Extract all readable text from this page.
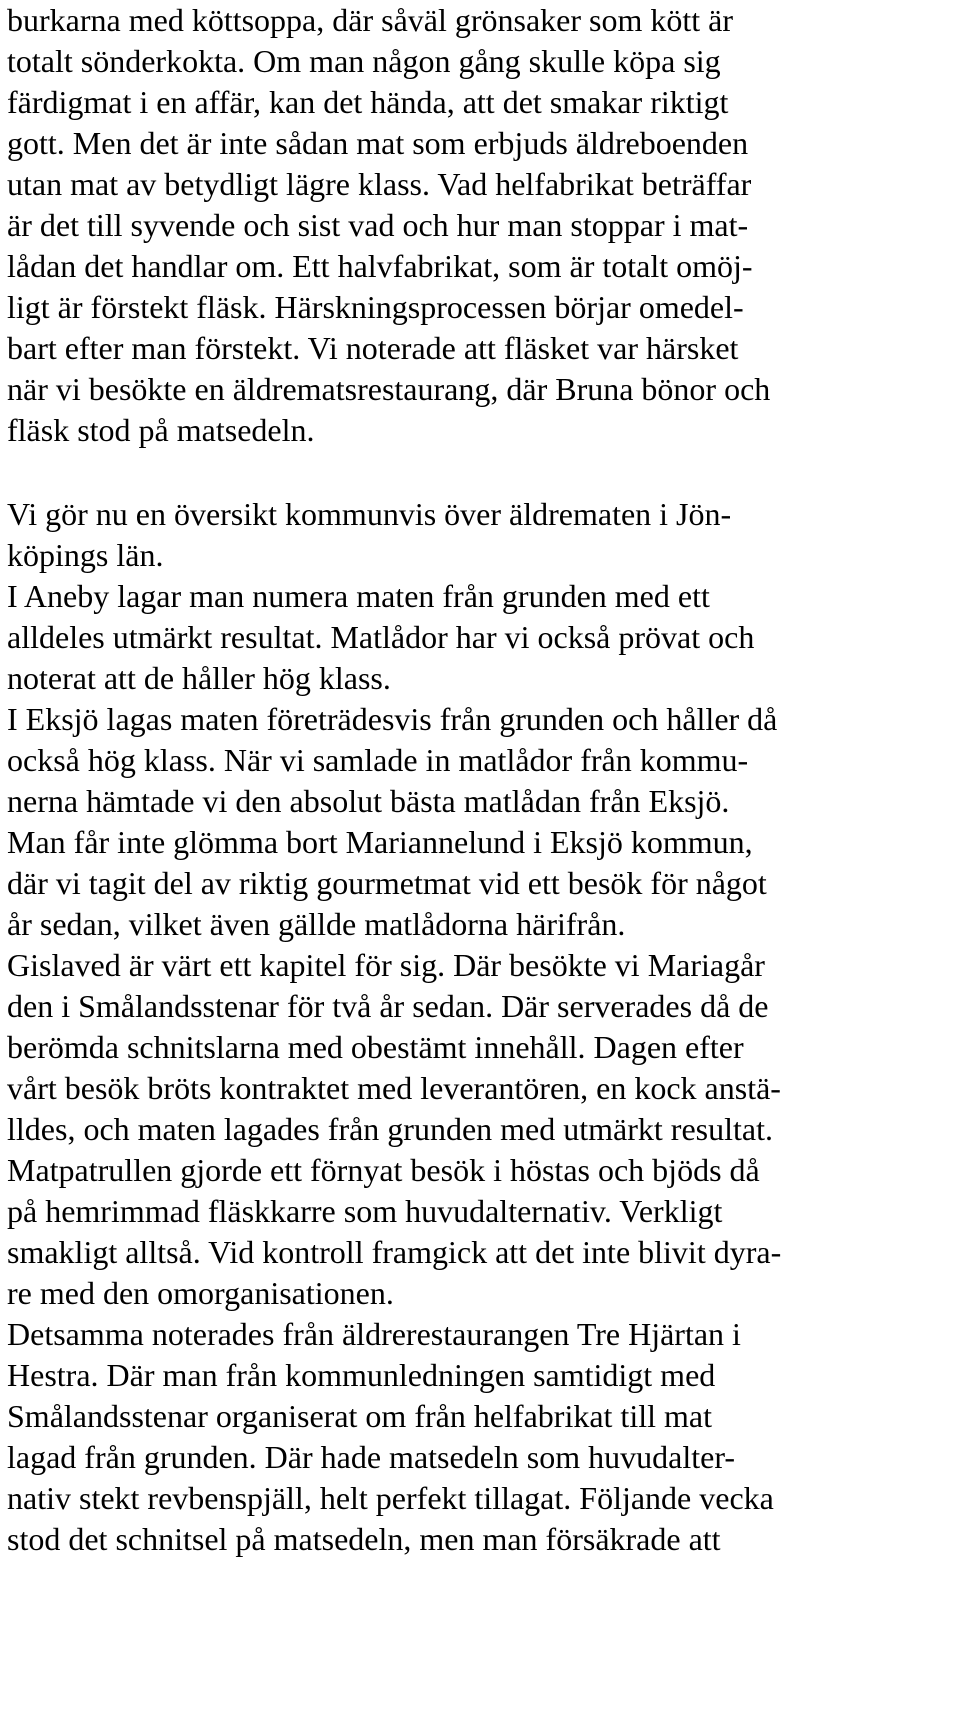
burkarna med köttsoppa, där såväl grönsaker som kött är

totalt sönderkokta. Om man någon gång skulle köpa sig

färdigmat i en affär, kan det hända, att det smakar riktigt

gott. Men det är inte sådan mat som erbjuds äldreboenden

utan mat av betydligt lägre klass. Vad helfabrikat beträffar

är det till syvende och sist vad och hur man stoppar i mat-

lådan det handlar om. Ett halvfabrikat, som är totalt omöj-

ligt är förstekt fläsk. Härskningsprocessen börjar omedel-

bart efter man förstekt. Vi noterade att fläsket var härsket

när vi besökte en äldrematsrestaurang, där Bruna bönor och

fläsk stod på matsedeln.

Vi gör nu en översikt kommunvis över äldrematen i Jön-

köpings län.

I Aneby lagar man numera maten från grunden med ett

alldeles utmärkt resultat. Matlådor har vi också prövat och

noterat att de håller hög klass.

I Eksjö lagas maten företrädesvis från grunden och håller då

också hög klass. När vi samlade in matlådor från kommu-

nerna hämtade vi den absolut bästa matlådan från Eksjö.

Man får inte glömma bort Mariannelund i Eksjö kommun,

där vi tagit del av riktig gourmetmat vid ett besök för något

år sedan, vilket även gällde matlådorna härifrån.

Gislaved är värt ett kapitel för sig. Där besökte vi Mariagår

den i Smålandsstenar för två år sedan. Där serverades då de

berömda schnitslarna med obestämt innehåll. Dagen efter

vårt besök bröts kontraktet med leverantören, en kock anstä-

lldes, och maten lagades från grunden med utmärkt resultat.

Matpatrullen gjorde ett förnyat besök i höstas och bjöds då

på hemrimmad fläskkarre som huvudalternativ. Verkligt

smakligt alltså. Vid kontroll framgick att det inte blivit dyra-

re med den omorganisationen.

Detsamma noterades från äldrerestaurangen Tre Hjärtan i

Hestra. Där man från kommunledningen samtidigt med

Smålandsstenar organiserat om från helfabrikat till mat

lagad från grunden. Där hade matsedeln som huvudalter-

nativ stekt revbenspjäll, helt perfekt tillagat. Följande vecka

stod det schnitsel på matsedeln, men man försäkrade att
